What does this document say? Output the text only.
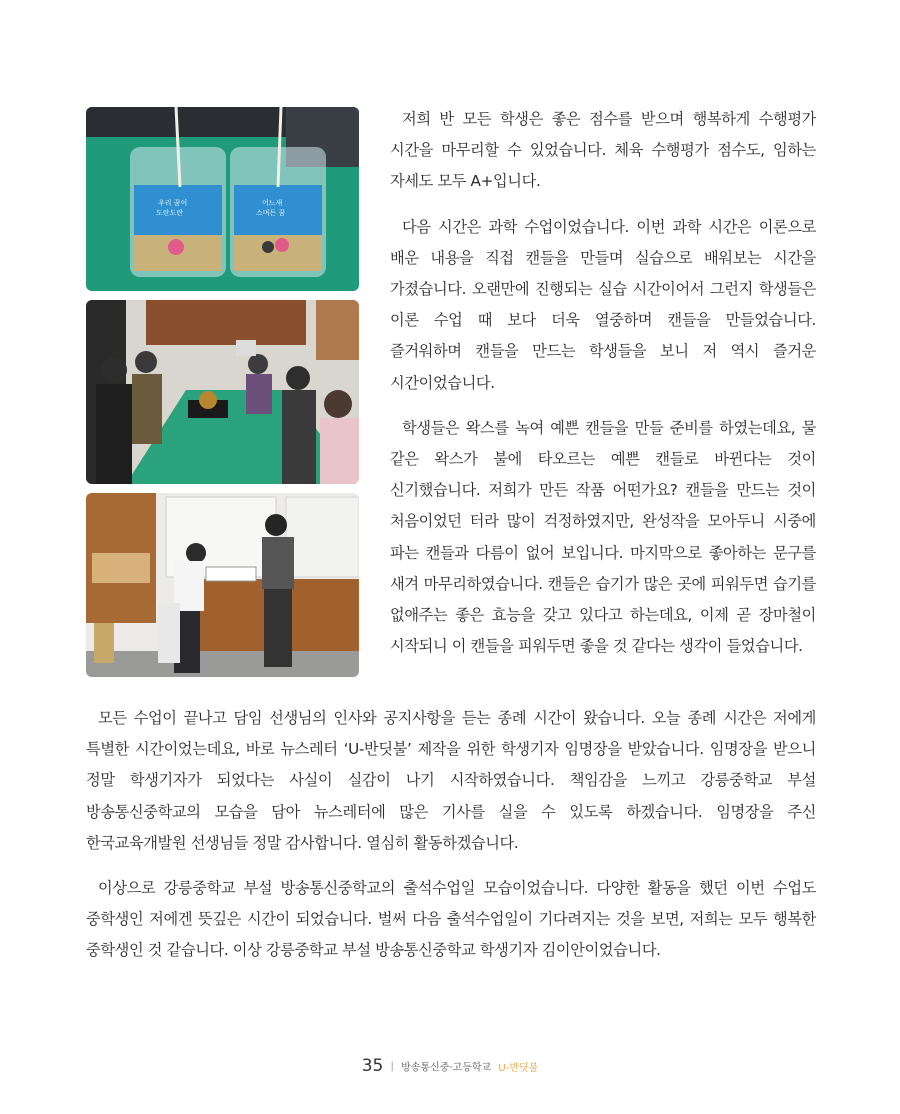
우리 꿈이
도란도란
어느새
스며든 꿈

저희 반 모든 학생은 좋은 점수를 받으며 행복하게 수행평가 시간을 마무리할 수 있었습니다. 체육 수행평가 점수도, 임하는 자세도 모두 A+입니다.

다음 시간은 과학 수업이었습니다. 이번 과학 시간은 이론으로 배운 내용을 직접 캔들을 만들며 실습으로 배워보는 시간을 가졌습니다. 오랜만에 진행되는 실습 시간이어서 그런지 학생들은 이론 수업 때 보다 더욱 열중하며 캔들을 만들었습니다. 즐거워하며 캔들을 만드는 학생들을 보니 저 역시 즐거운 시간이었습니다.

학생들은 왁스를 녹여 예쁜 캔들을 만들 준비를 하였는데요, 물 같은 왁스가 불에 타오르는 예쁜 캔들로 바뀐다는 것이 신기했습니다. 저희가 만든 작품 어떤가요? 캔들을 만드는 것이 처음이었던 터라 많이 걱정하였지만, 완성작을 모아두니 시중에 파는 캔들과 다름이 없어 보입니다. 마지막으로 좋아하는 문구를 새겨 마무리하였습니다. 캔들은 습기가 많은 곳에 피워두면 습기를 없애주는 좋은 효능을 갖고 있다고 하는데요, 이제 곧 장마철이 시작되니 이 캔들을 피워두면 좋을 것 같다는 생각이 들었습니다.

모든 수업이 끝나고 담임 선생님의 인사와 공지사항을 듣는 종례 시간이 왔습니다. 오늘 종례 시간은 저에게 특별한 시간이었는데요, 바로 뉴스레터 ‘U-반딧불’ 제작을 위한 학생기자 임명장을 받았습니다. 임명장을 받으니 정말 학생기자가 되었다는 사실이 실감이 나기 시작하였습니다. 책임감을 느끼고 강릉중학교 부설 방송통신중학교의 모습을 담아 뉴스레터에 많은 기사를 실을 수 있도록 하겠습니다. 임명장을 주신 한국교육개발원 선생님들 정말 감사합니다. 열심히 활동하겠습니다.

이상으로 강릉중학교 부설 방송통신중학교의 출석수업일 모습이었습니다. 다양한 활동을 했던 이번 수업도 중학생인 저에겐 뜻깊은 시간이 되었습니다. 벌써 다음 출석수업일이 기다려지는 것을 보면, 저희는 모두 행복한 중학생인 것 같습니다. 이상 강릉중학교 부설 방송통신중학교 학생기자 김이안이었습니다.

35 | 방송통신중·고등학교 U-반딧불
